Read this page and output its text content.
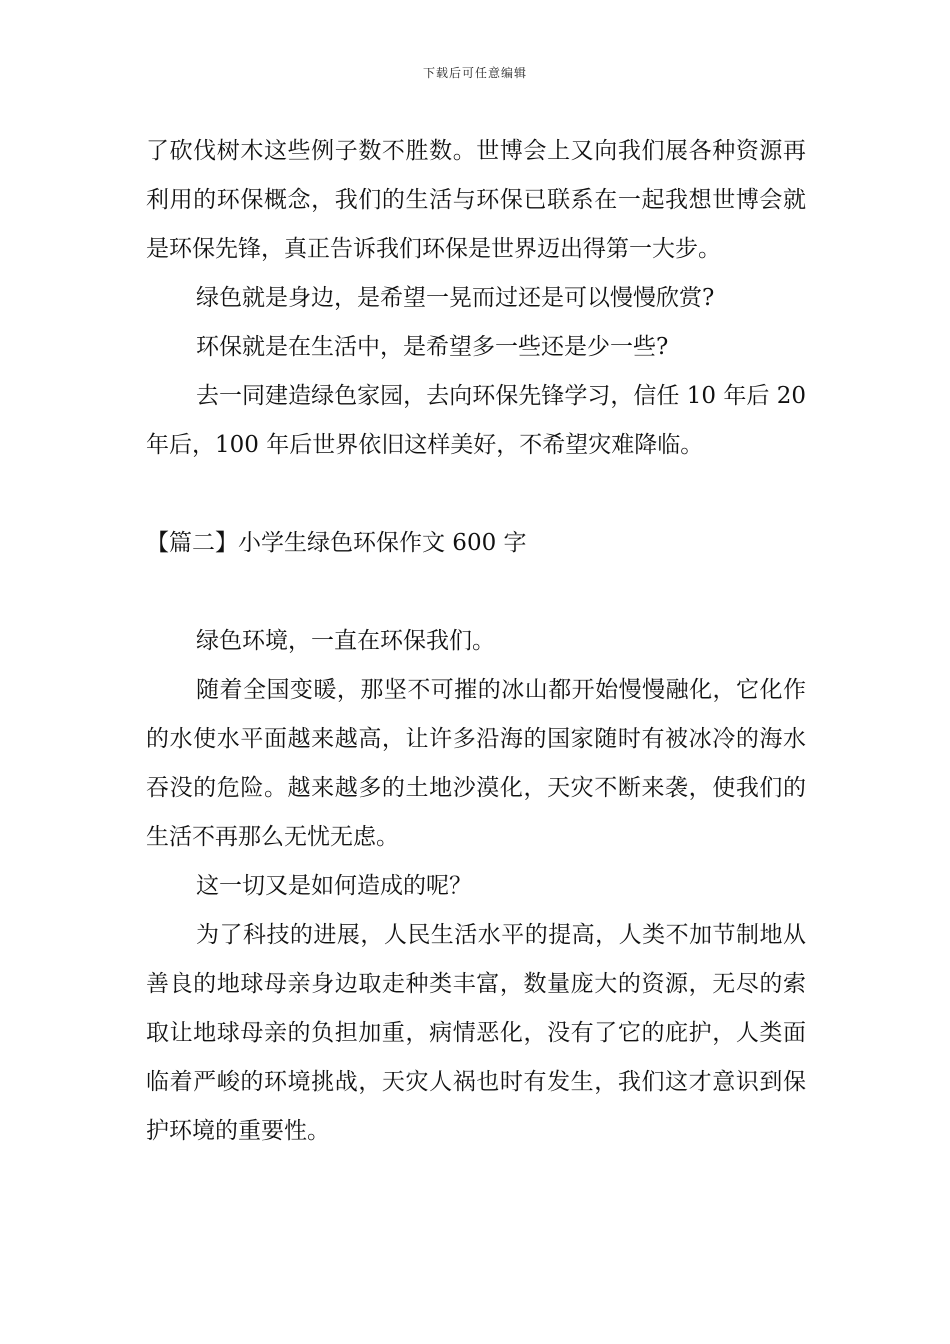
下载后可任意编辑

了砍伐树木这些例子数不胜数。世博会上又向我们展各种资源再利用的环保概念，我们的生活与环保已联系在一起我想世博会就是环保先锋，真正告诉我们环保是世界迈出得第一大步。

绿色就是身边，是希望一晃而过还是可以慢慢欣赏?

环保就是在生活中，是希望多一些还是少一些?

去一同建造绿色家园，去向环保先锋学习，信任 10 年后 20 年后，100 年后世界依旧这样美好，不希望灾难降临。

【篇二】小学生绿色环保作文 600 字

绿色环境，一直在环保我们。

随着全国变暖，那坚不可摧的冰山都开始慢慢融化，它化作的水使水平面越来越高，让许多沿海的国家随时有被冰冷的海水吞没的危险。越来越多的土地沙漠化，天灾不断来袭，使我们的生活不再那么无忧无虑。

这一切又是如何造成的呢？

为了科技的进展，人民生活水平的提高，人类不加节制地从善良的地球母亲身边取走种类丰富，数量庞大的资源，无尽的索取让地球母亲的负担加重，病情恶化，没有了它的庇护，人类面临着严峻的环境挑战，天灾人祸也时有发生，我们这才意识到保护环境的重要性。
